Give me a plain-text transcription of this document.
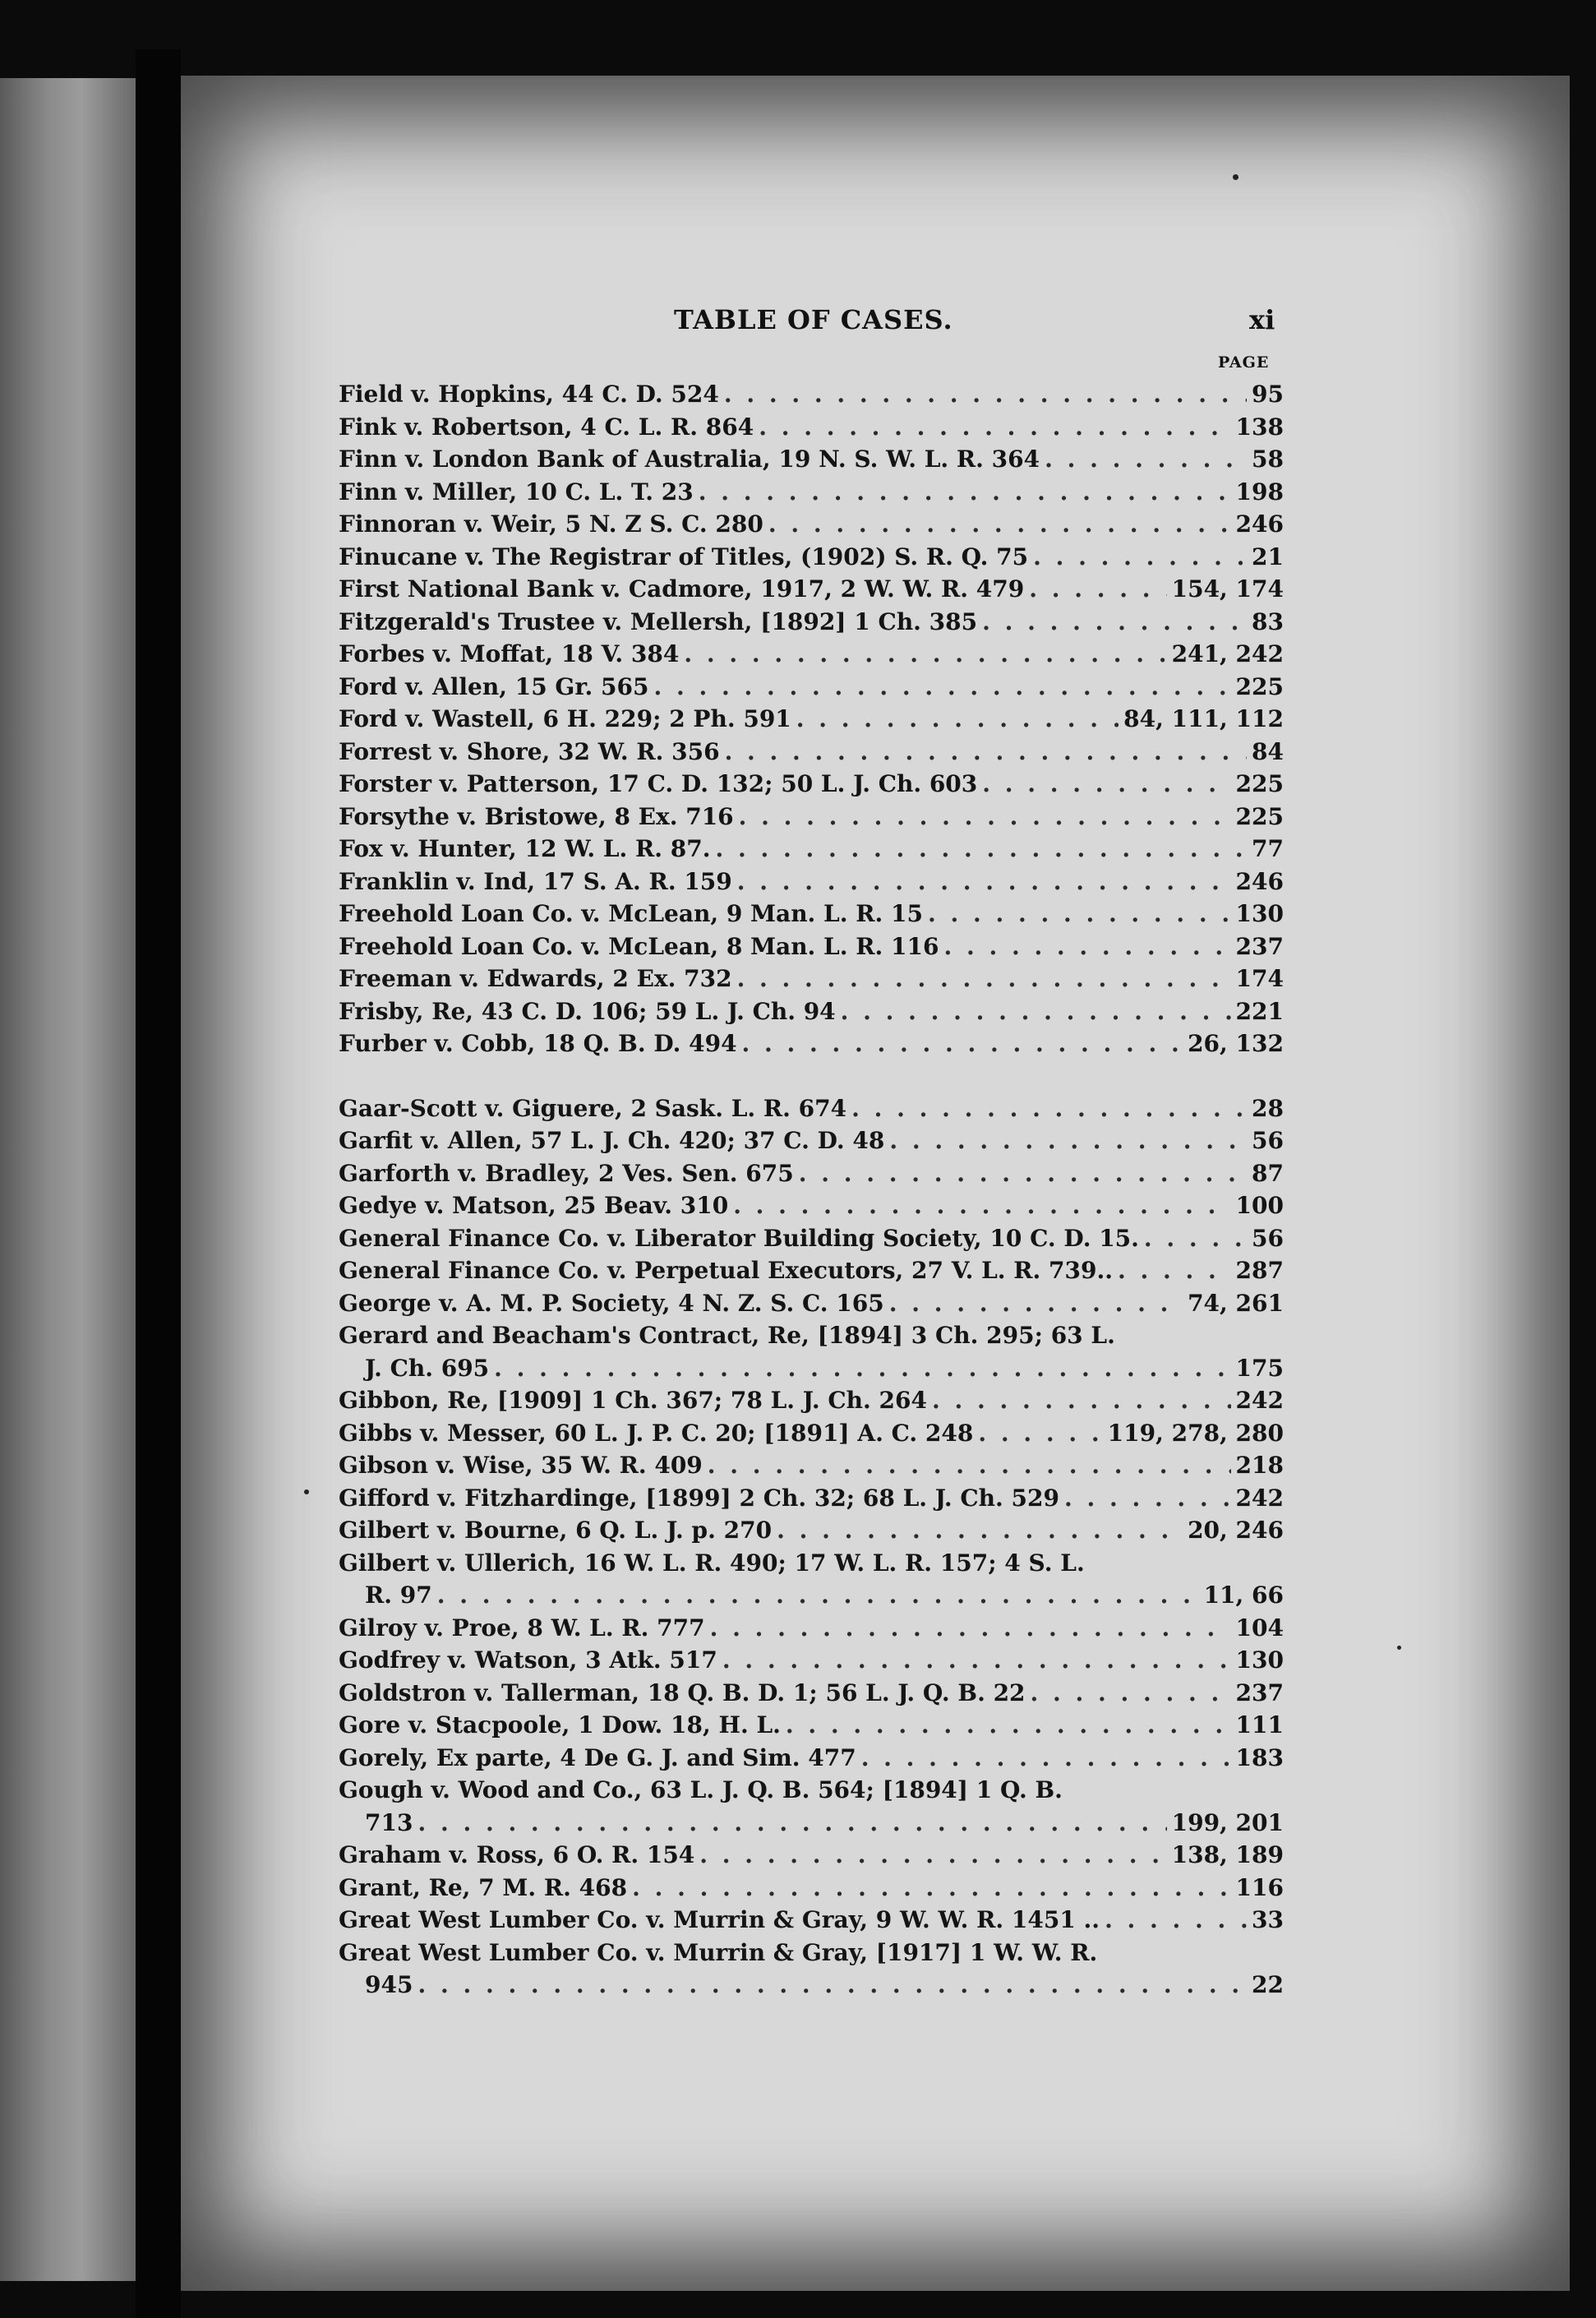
TABLE OF CASES.	xi
PAGE
Field v. Hopkins, 44 C. D. 524 . . .	95
Fink v. Robertson, 4 C. L. R. 864 . . .	138
Finn v. London Bank of Australia, 19 N. S. W. L. R. 364 . . .	58
Finn v. Miller, 10 C. L. T. 23 . . .	198
Finnoran v. Weir, 5 N. Z S. C. 280 . . .	246
Finucane v. The Registrar of Titles, (1902) S. R. Q. 75 . . .	21
First National Bank v. Cadmore, 1917, 2 W. W. R. 479 . . .	154, 174
Fitzgerald's Trustee v. Mellersh, [1892] 1 Ch. 385 . . .	83
Forbes v. Moffat, 18 V. 384 . . .	241, 242
Ford v. Allen, 15 Gr. 565 . . .	225
Ford v. Wastell, 6 H. 229; 2 Ph. 591 . . .	84, 111, 112
Forrest v. Shore, 32 W. R. 356 . . .	84
Forster v. Patterson, 17 C. D. 132; 50 L. J. Ch. 603 . . .	225
Forsythe v. Bristowe, 8 Ex. 716 . . .	225
Fox v. Hunter, 12 W. L. R. 87. . . .	77
Franklin v. Ind, 17 S. A. R. 159 . . .	246
Freehold Loan Co. v. McLean, 9 Man. L. R. 15 . . .	130
Freehold Loan Co. v. McLean, 8 Man. L. R. 116 . . .	237
Freeman v. Edwards, 2 Ex. 732 . . .	174
Frisby, Re, 43 C. D. 106; 59 L. J. Ch. 94 . . .	221
Furber v. Cobb, 18 Q. B. D. 494 . . .	26, 132
Gaar-Scott v. Giguere, 2 Sask. L. R. 674 . . .	28
Garfit v. Allen, 57 L. J. Ch. 420; 37 C. D. 48 . . .	56
Garforth v. Bradley, 2 Ves. Sen. 675 . . .	87
Gedye v. Matson, 25 Beav. 310 . . .	100
General Finance Co. v. Liberator Building Society, 10 C. D. 15. . . .	56
General Finance Co. v. Perpetual Executors, 27 V. L. R. 739.. . . .	287
George v. A. M. P. Society, 4 N. Z. S. C. 165 . . .	74, 261
Gerard and Beacham's Contract, Re, [1894] 3 Ch. 295; 63 L.
J. Ch. 695 . . .	175
Gibbon, Re, [1909] 1 Ch. 367; 78 L. J. Ch. 264 . . .	242
Gibbs v. Messer, 60 L. J. P. C. 20; [1891] A. C. 248 . . .	119, 278, 280
Gibson v. Wise, 35 W. R. 409 . . .	218
Gifford v. Fitzhardinge, [1899] 2 Ch. 32; 68 L. J. Ch. 529 . . .	242
Gilbert v. Bourne, 6 Q. L. J. p. 270 . . .	20, 246
Gilbert v. Ullerich, 16 W. L. R. 490; 17 W. L. R. 157; 4 S. L.
R. 97 . . .	11, 66
Gilroy v. Proe, 8 W. L. R. 777 . . .	104
Godfrey v. Watson, 3 Atk. 517 . . .	130
Goldstron v. Tallerman, 18 Q. B. D. 1; 56 L. J. Q. B. 22 . . .	237
Gore v. Stacpoole, 1 Dow. 18, H. L. . . .	111
Gorely, Ex parte, 4 De G. J. and Sim. 477 . . .	183
Gough v. Wood and Co., 63 L. J. Q. B. 564; [1894] 1 Q. B.
713 . . .	199, 201
Graham v. Ross, 6 O. R. 154 . . .	138, 189
Grant, Re, 7 M. R. 468 . . .	116
Great West Lumber Co. v. Murrin & Gray, 9 W. W. R. 1451 .. . . .	33
Great West Lumber Co. v. Murrin & Gray, [1917] 1 W. W. R.
945 . . .	22
